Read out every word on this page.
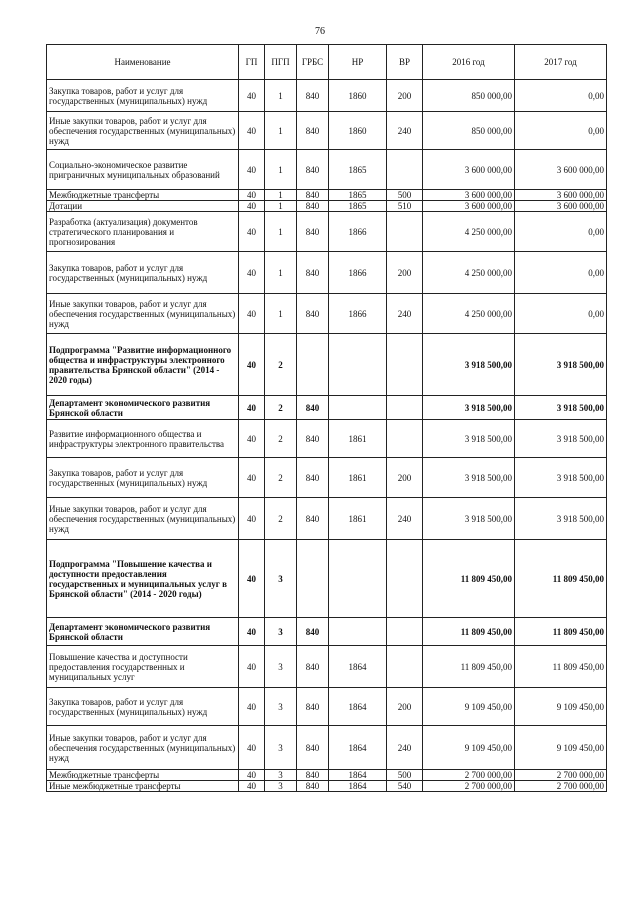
76
Наименование	ГП	ПГП	ГРБС	НР	ВР	2016 год	2017 год
Закупка товаров, работ и услуг для государственных (муниципальных) нужд	40	1	840	1860	200	850 000,00	0,00
Иные закупки товаров, работ и услуг для обеспечения государственных (муниципальных) нужд	40	1	840	1860	240	850 000,00	0,00
Социально-экономическое развитие приграничных муниципальных образований	40	1	840	1865		3 600 000,00	3 600 000,00
Межбюджетные трансферты	40	1	840	1865	500	3 600 000,00	3 600 000,00
Дотации	40	1	840	1865	510	3 600 000,00	3 600 000,00
Разработка (актуализация) документов стратегического планирования и прогнозирования	40	1	840	1866		4 250 000,00	0,00
Закупка товаров, работ и услуг для государственных (муниципальных) нужд	40	1	840	1866	200	4 250 000,00	0,00
Иные закупки товаров, работ и услуг для обеспечения государственных (муниципальных) нужд	40	1	840	1866	240	4 250 000,00	0,00
Подпрограмма "Развитие информационного общества и инфраструктуры электронного правительства Брянской области" (2014 - 2020 годы)	40	2				3 918 500,00	3 918 500,00
Департамент экономического развития Брянской области	40	2	840			3 918 500,00	3 918 500,00
Развитие информационного общества и инфраструктуры электронного правительства	40	2	840	1861		3 918 500,00	3 918 500,00
Закупка товаров, работ и услуг для государственных (муниципальных) нужд	40	2	840	1861	200	3 918 500,00	3 918 500,00
Иные закупки товаров, работ и услуг для обеспечения государственных (муниципальных) нужд	40	2	840	1861	240	3 918 500,00	3 918 500,00
Подпрограмма "Повышение качества и доступности предоставления государственных и муниципальных услуг в Брянской области" (2014 - 2020 годы)	40	3				11 809 450,00	11 809 450,00
Департамент экономического развития Брянской области	40	3	840			11 809 450,00	11 809 450,00
Повышение качества и доступности предоставления государственных и муниципальных услуг	40	3	840	1864		11 809 450,00	11 809 450,00
Закупка товаров, работ и услуг для государственных (муниципальных) нужд	40	3	840	1864	200	9 109 450,00	9 109 450,00
Иные закупки товаров, работ и услуг для обеспечения государственных (муниципальных) нужд	40	3	840	1864	240	9 109 450,00	9 109 450,00
Межбюджетные трансферты	40	3	840	1864	500	2 700 000,00	2 700 000,00
Иные межбюджетные трансферты	40	3	840	1864	540	2 700 000,00	2 700 000,00
